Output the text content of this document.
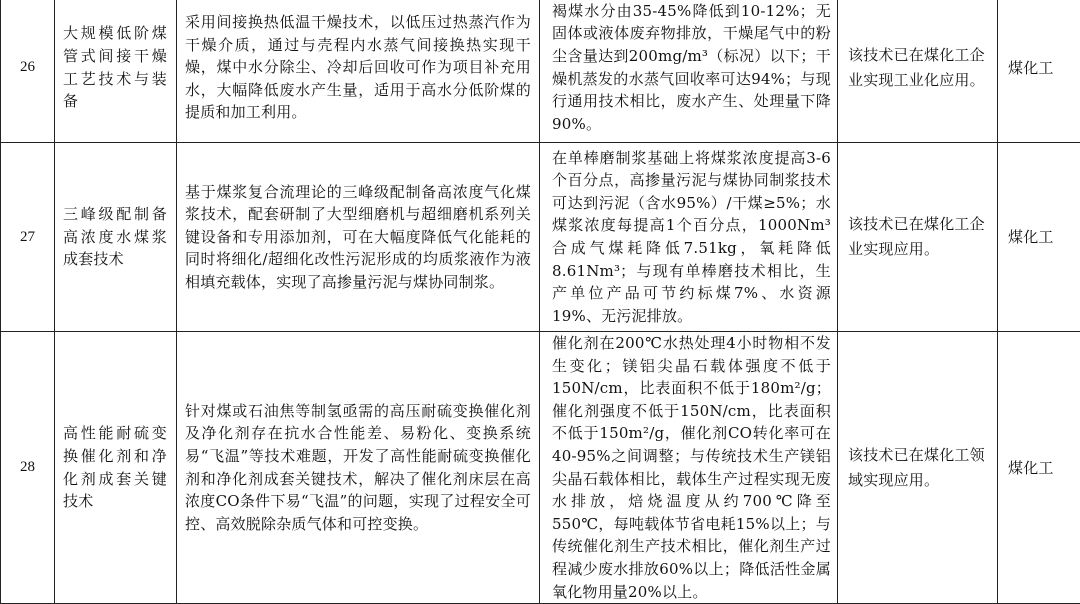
26	大规模低阶煤管式间接干燥工艺技术与装备	采用间接换热低温干燥技术，以低压过热蒸汽作为干燥介质，通过与壳程内水蒸气间接换热实现干燥，煤中水分除尘、冷却后回收可作为项目补充用水，大幅降低废水产生量，适用于高水分低阶煤的提质和加工利用。	褐煤水分由35-45%降低到10-12%；无固体或液体废弃物排放，干燥尾气中的粉尘含量达到200mg/m³（标况）以下；干燥机蒸发的水蒸气回收率可达94%；与现行通用技术相比，废水产生、处理量下降90%。	该技术已在煤化工企业实现工业化应用。	煤化工

27	三峰级配制备高浓度水煤浆成套技术	基于煤浆复合流理论的三峰级配制备高浓度气化煤浆技术，配套研制了大型细磨机与超细磨机系列关键设备和专用添加剂，可在大幅度降低气化能耗的同时将细化/超细化改性污泥形成的均质浆液作为液相填充载体，实现了高掺量污泥与煤协同制浆。	在单棒磨制浆基础上将煤浆浓度提高3-6个百分点，高掺量污泥与煤协同制浆技术可达到污泥（含水95%）/干煤≥5%；水煤浆浓度每提高1个百分点，1000Nm³合成气煤耗降低7.51kg，氧耗降低8.61Nm³；与现有单棒磨技术相比，生产单位产品可节约标煤7%、水资源19%、无污泥排放。	该技术已在煤化工企业实现应用。	煤化工

28	高性能耐硫变换催化剂和净化剂成套关键技术	针对煤或石油焦等制氢亟需的高压耐硫变换催化剂及净化剂存在抗水合性能差、易粉化、变换系统易“飞温”等技术难题，开发了高性能耐硫变换催化剂和净化剂成套关键技术，解决了催化剂床层在高浓度CO条件下易“飞温”的问题，实现了过程安全可控、高效脱除杂质气体和可控变换。	催化剂在200℃水热处理4小时物相不发生变化；镁铝尖晶石载体强度不低于150N/cm，比表面积不低于180m²/g；催化剂强度不低于150N/cm，比表面积不低于150m²/g，催化剂CO转化率可在40-95%之间调整；与传统技术生产镁铝尖晶石载体相比，载体生产过程实现无废水排放，焙烧温度从约700℃降至550℃，每吨载体节省电耗15%以上；与传统催化剂生产技术相比，催化剂生产过程减少废水排放60%以上；降低活性金属氧化物用量20%以上。	该技术已在煤化工领域实现应用。	煤化工
